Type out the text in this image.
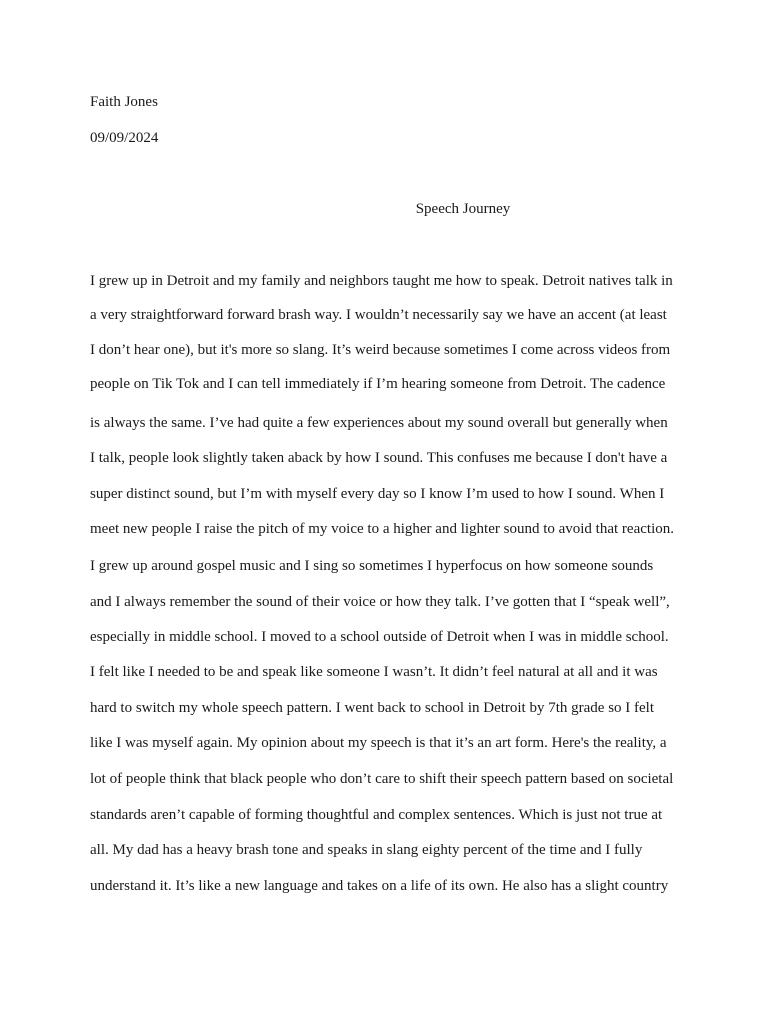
Faith Jones
09/09/2024
Speech Journey
I grew up in Detroit and my family and neighbors taught me how to speak. Detroit natives talk in
a very straightforward forward brash way. I wouldn’t necessarily say we have an accent (at least
I don’t hear one), but it's more so slang. It’s weird because sometimes I come across videos from
people on Tik Tok and I can tell immediately if I’m hearing someone from Detroit. The cadence
is always the same. I’ve had quite a few experiences about my sound overall but generally when
I talk, people look slightly taken aback by how I sound. This confuses me because I don't have a
super distinct sound, but I’m with myself every day so I know I’m used to how I sound. When I
meet new people I raise the pitch of my voice to a higher and lighter sound to avoid that reaction.
I grew up around gospel music and I sing so sometimes I hyperfocus on how someone sounds
and I always remember the sound of their voice or how they talk. I’ve gotten that I “speak well”,
especially in middle school. I moved to a school outside of Detroit when I was in middle school.
I felt like I needed to be and speak like someone I wasn’t. It didn’t feel natural at all and it was
hard to switch my whole speech pattern. I went back to school in Detroit by 7th grade so I felt
like I was myself again. My opinion about my speech is that it’s an art form. Here's the reality, a
lot of people think that black people who don’t care to shift their speech pattern based on societal
standards aren’t capable of forming thoughtful and complex sentences. Which is just not true at
all. My dad has a heavy brash tone and speaks in slang eighty percent of the time and I fully
understand it. It’s like a new language and takes on a life of its own. He also has a slight country
